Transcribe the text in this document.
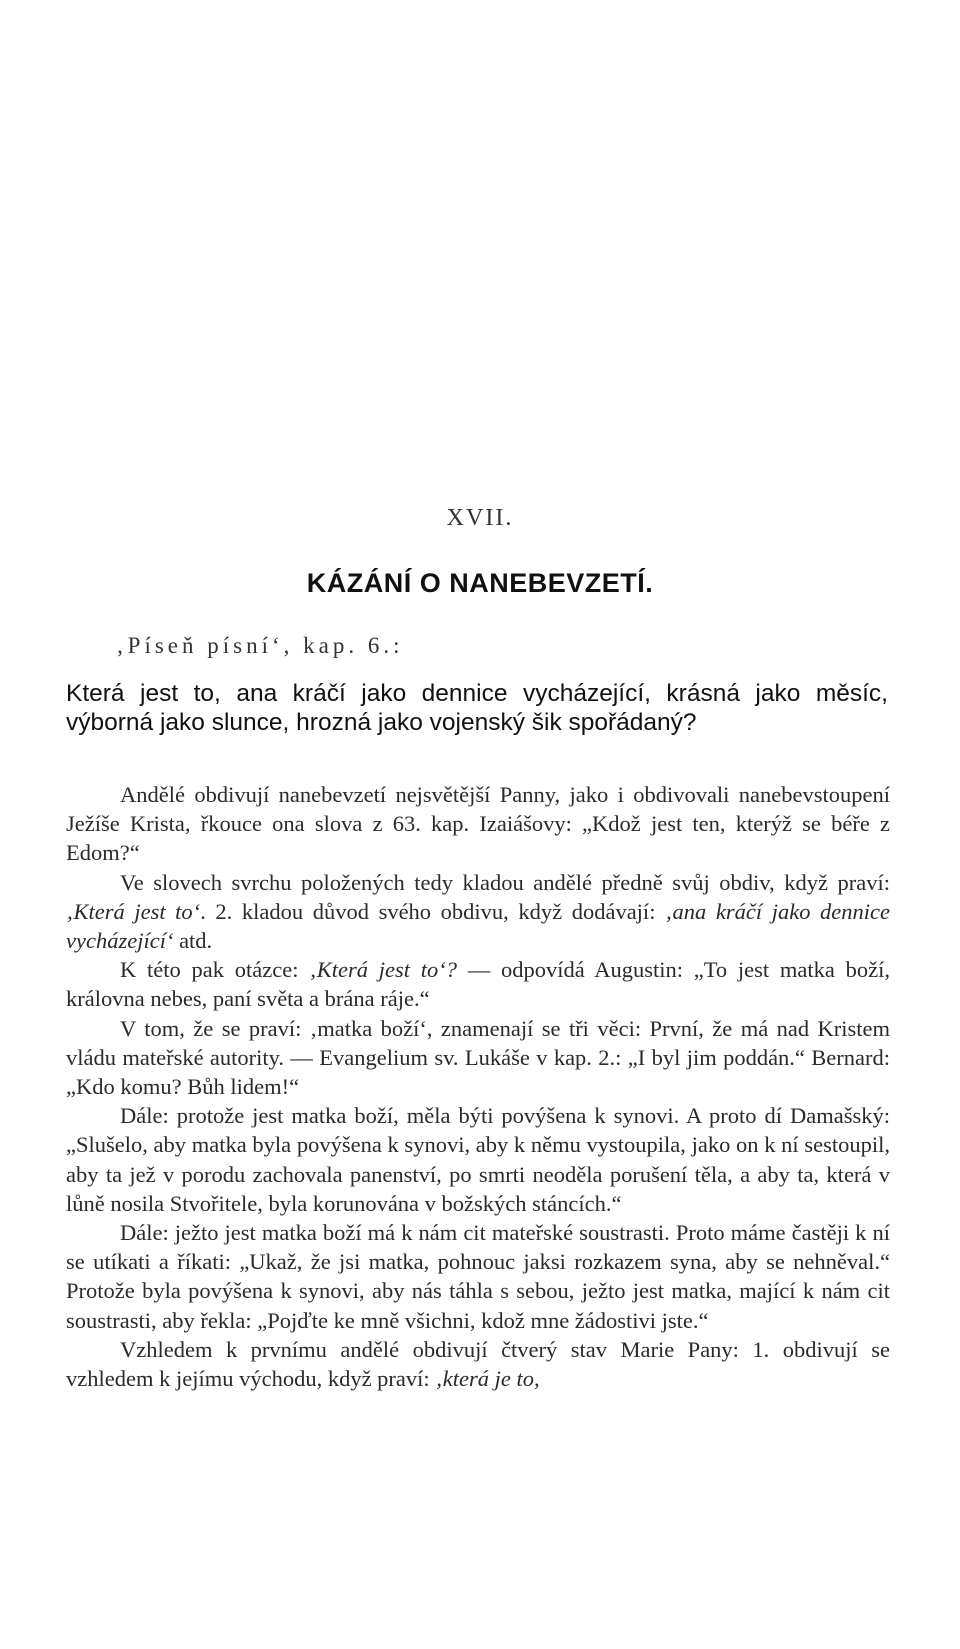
XVII.
KÁZÁNÍ O NANEBEVZETÍ.
‚Píseň písní‘, kap. 6.:
Která jest to, ana kráčí jako dennice vycházející, krásná jako měsíc, výborná jako slunce, hrozná jako vojenský šik spořádaný?

Andělé obdivují nanebevzetí nejsvětější Panny, jako i obdivovali nanebevstoupení Ježíše Krista, řkouce ona slova z 63. kap. Izaiášovy: „Kdož jest ten, kterýž se béře z Edom?“

Ve slovech svrchu položených tedy kladou andělé předně svůj obdiv, když praví: ‚Která jest to‘. 2. kladou důvod svého obdivu, když dodávají: ‚ana kráčí jako dennice vycházející‘ atd.

K této pak otázce: ‚Která jest to‘? — odpovídá Augustin: „To jest matka boží, královna nebes, paní světa a brána ráje.“

V tom, že se praví: ‚matka boží‘, znamenají se tři věci: První, že má nad Kristem vládu mateřské autority. — Evangelium sv. Lukáše v kap. 2.: „I byl jim poddán.“ Bernard: „Kdo komu? Bůh lidem!“

Dále: protože jest matka boží, měla býti povýšena k synovi. A proto dí Damašský: „Slušelo, aby matka byla povýšena k synovi, aby k němu vystoupila, jako on k ní sestoupil, aby ta jež v porodu zachovala panenství, po smrti neoděla porušení těla, a aby ta, která v lůně nosila Stvořitele, byla korunována v božských stáncích.“

Dále: ježto jest matka boží má k nám cit mateřské soustrasti. Proto máme častěji k ní se utíkati a říkati: „Ukaž, že jsi matka, pohnouc jaksi rozkazem syna, aby se nehněval.“ Protože byla povýšena k synovi, aby nás táhla s sebou, ježto jest matka, mající k nám cit soustrasti, aby řekla: „Pojďte ke mně všichni, kdož mne žádostivi jste.“

Vzhledem k prvnímu andělé obdivují čtverý stav Marie Pany: 1. obdivují se vzhledem k jejímu východu, když praví: ‚která je to,
